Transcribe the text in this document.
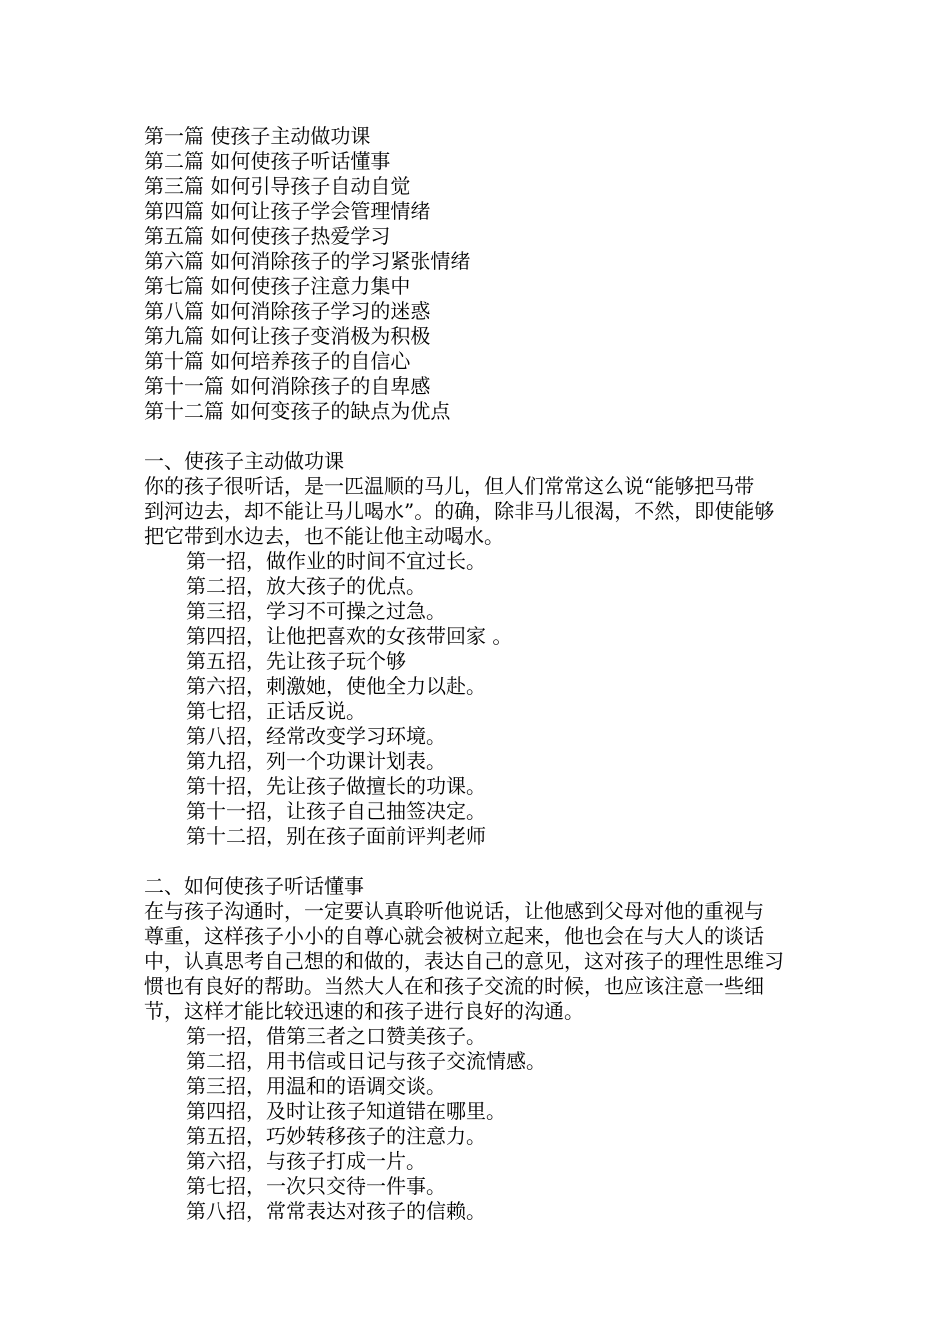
第一篇 使孩子主动做功课
第二篇 如何使孩子听话懂事
第三篇 如何引导孩子自动自觉
第四篇 如何让孩子学会管理情绪
第五篇 如何使孩子热爱学习
第六篇 如何消除孩子的学习紧张情绪
第七篇 如何使孩子注意力集中
第八篇 如何消除孩子学习的迷惑
第九篇 如何让孩子变消极为积极
第十篇 如何培养孩子的自信心
第十一篇 如何消除孩子的自卑感
第十二篇 如何变孩子的缺点为优点
一、使孩子主动做功课
你的孩子很听话，是一匹温顺的马儿，但人们常常这么说“能够把马带
到河边去，却不能让马儿喝水”。的确，除非马儿很渴，不然，即使能够
把它带到水边去，也不能让他主动喝水。
第一招，做作业的时间不宜过长。
第二招，放大孩子的优点。
第三招，学习不可操之过急。
第四招，让他把喜欢的女孩带回家 。
第五招，先让孩子玩个够
第六招，刺激她，使他全力以赴。
第七招，正话反说。
第八招，经常改变学习环境。
第九招，列一个功课计划表。
第十招，先让孩子做擅长的功课。
第十一招，让孩子自己抽签决定。
第十二招，别在孩子面前评判老师
二、如何使孩子听话懂事
在与孩子沟通时，一定要认真聆听他说话，让他感到父母对他的重视与
尊重，这样孩子小小的自尊心就会被树立起来，他也会在与大人的谈话
中，认真思考自己想的和做的，表达自己的意见，这对孩子的理性思维习
惯也有良好的帮助。当然大人在和孩子交流的时候，也应该注意一些细
节，这样才能比较迅速的和孩子进行良好的沟通。
第一招，借第三者之口赞美孩子。
第二招，用书信或日记与孩子交流情感。
第三招，用温和的语调交谈。
第四招，及时让孩子知道错在哪里。
第五招，巧妙转移孩子的注意力。
第六招，与孩子打成一片。
第七招，一次只交待一件事。
第八招，常常表达对孩子的信赖。
